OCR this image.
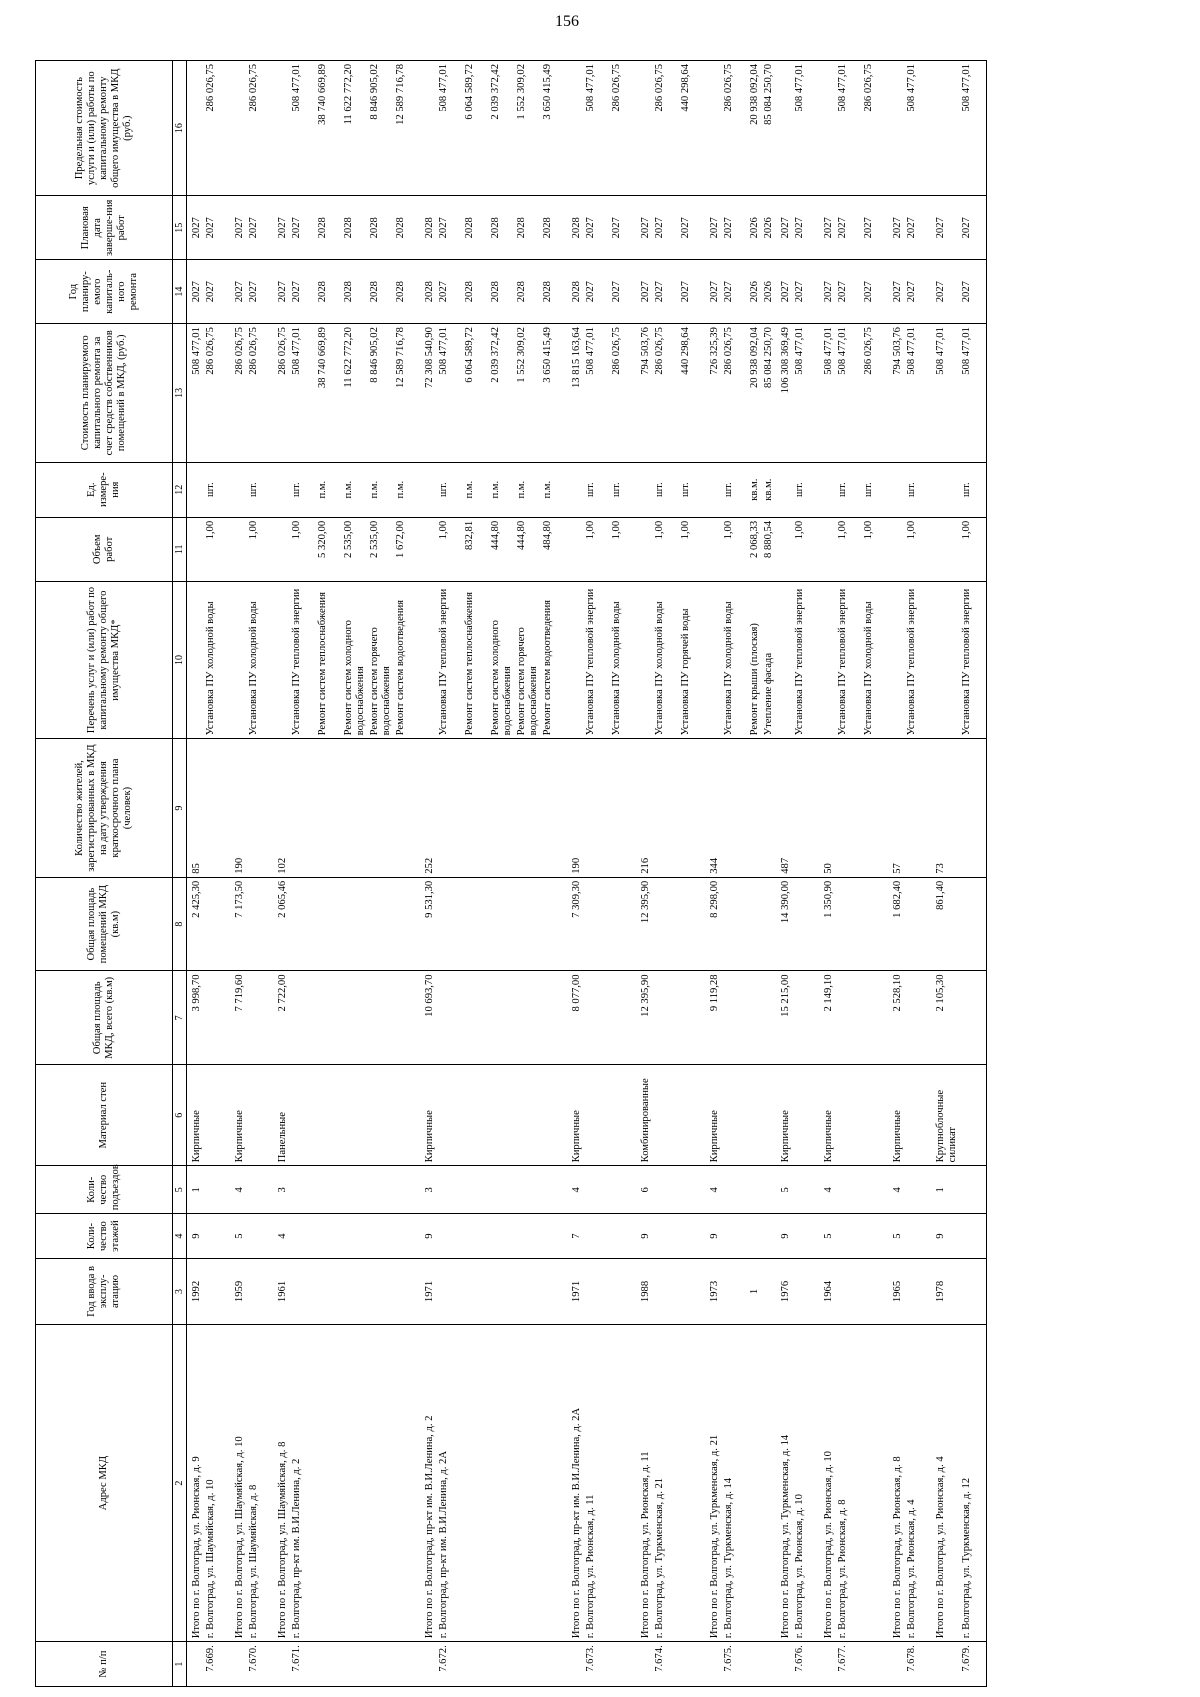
156
№ п/п	Адрес МКД	Год ввода в эксплу-атацию	Коли-чество этажей	Коли-чество подъездов	Материал стен	Общая площадь МКД, всего (кв.м)	Общая площадь помещений МКД (кв.м)	Количество жителей, зарегистрированных в МКД на дату утверждения краткосрочного плана (человек)	Перечень услуг и (или) работ по капитальному ремонту общего имущества МКД*	Объем работ	Ед. измере-ния	Стоимость планируемого капитального ремонта за счет средств собственников помещений в МКД, (руб.)	Год планиру-емого капиталь-ного ремонта	Плановая дата заверше-ния работ	Предельная стоимость услуги и (или) работы по капитальному ремонту общего имущества в МКД (руб.)
1	2	3	4	5	6	7	8	9	10	11	12	13	14	15	16

	Итого по г. Волгоград, ул. Рионская, д. 9	1992	9	1	Кирпичные	3 998,70	2 425,30	85				508 477,01	2027	2027	

7.669.	г. Волгоград, ул. Шаумяйская, д. 10								Установка ПУ холодной воды	1,00	шт.	286 026,75	2027	2027	286 026,75

	Итого по г. Волгоград, ул. Шаумяйская, д. 10	1959	5	4	Кирпичные	7 719,60	7 173,50	190				286 026,75	2027	2027	

7.670.	г. Волгоград, ул. Шаумяйская, д. 8								Установка ПУ холодной воды	1,00	шт.	286 026,75	2027	2027	286 026,75

	Итого по г. Волгоград, ул. Шаумяйская, д. 8	1961	4	3	Панельные	2 722,00	2 065,46	102				286 026,75	2027	2027	

7.671.	г. Волгоград, пр-кт им. В.И.Ленина, д. 2								Установка ПУ тепловой энергии	1,00	шт.	508 477,01	2027	2027	508 477,01

									Ремонт систем теплоснабжения	5 320,00	п.м.	38 740 669,89	2028	2028	38 740 669,89

									Ремонт систем холодного водоснабжения	2 535,00	п.м.	11 622 772,20	2028	2028	11 622 772,20

									Ремонт систем горячего водоснабжения	2 535,00	п.м.	8 846 905,02	2028	2028	8 846 905,02

									Ремонт систем водоотведения	1 672,00	п.м.	12 589 716,78	2028	2028	12 589 716,78

	Итого по г. Волгоград, пр-кт им. В.И.Ленина, д. 2	1971	9	3	Кирпичные	10 693,70	9 531,30	252				72 308 540,90	2028	2028	

7.672.	г. Волгоград, пр-кт им. В.И.Ленина, д. 2А								Установка ПУ тепловой энергии	1,00	шт.	508 477,01	2027	2027	508 477,01

									Ремонт систем теплоснабжения	832,81	п.м.	6 064 589,72	2028	2028	6 064 589,72

									Ремонт систем холодного водоснабжения	444,80	п.м.	2 039 372,42	2028	2028	2 039 372,42

									Ремонт систем горячего водоснабжения	444,80	п.м.	1 552 309,02	2028	2028	1 552 309,02

									Ремонт систем водоотведения	484,80	п.м.	3 650 415,49	2028	2028	3 650 415,49

	Итого по г. Волгоград, пр-кт им. В.И.Ленина, д. 2А	1971	7	4	Кирпичные	8 077,00	7 309,30	190				13 815 163,64	2028	2028	

7.673.	г. Волгоград, ул. Рионская, д. 11								Установка ПУ тепловой энергии	1,00	шт.	508 477,01	2027	2027	508 477,01

									Установка ПУ холодной воды	1,00	шт.	286 026,75	2027	2027	286 026,75

	Итого по г. Волгоград, ул. Рионская, д. 11	1988	9	6	Комбинированные	12 395,90	12 395,90	216				794 503,76	2027	2027	

7.674.	г. Волгоград, ул. Туркменская, д. 21								Установка ПУ холодной воды	1,00	шт.	286 026,75	2027	2027	286 026,75

									Установка ПУ горячей воды	1,00	шт.	440 298,64	2027	2027	440 298,64

	Итого по г. Волгоград, ул. Туркменская, д. 21	1973	9	4	Кирпичные	9 119,28	8 298,00	344				726 325,39	2027	2027	

7.675.	г. Волгоград, ул. Туркменская, д. 14								Установка ПУ холодной воды	1,00	шт.	286 026,75	2027	2027	286 026,75

		1							Ремонт крыши (плоская)	2 068,33	кв.м.	20 938 092,04	2026	2026	20 938 092,04

									Утепление фасада	8 880,54	кв.м.	85 084 250,70	2026	2026	85 084 250,70

	Итого по г. Волгоград, ул. Туркменская, д. 14	1976	9	5	Кирпичные	15 215,00	14 390,00	487				106 308 369,49	2027	2027	

7.676.	г. Волгоград, ул. Рионская, д. 10								Установка ПУ тепловой энергии	1,00	шт.	508 477,01	2027	2027	508 477,01

	Итого по г. Волгоград, ул. Рионская, д. 10	1964	5	4	Кирпичные	2 149,10	1 350,90	50				508 477,01	2027	2027	

7.677.	г. Волгоград, ул. Рионская, д. 8								Установка ПУ тепловой энергии	1,00	шт.	508 477,01	2027	2027	508 477,01

									Установка ПУ холодной воды	1,00	шт.	286 026,75	2027	2027	286 026,75

	Итого по г. Волгоград, ул. Рионская, д. 8	1965	5	4	Кирпичные	2 528,10	1 682,40	57				794 503,76	2027	2027	

7.678.	г. Волгоград, ул. Рионская, д. 4								Установка ПУ тепловой энергии	1,00	шт.	508 477,01	2027	2027	508 477,01

	Итого по г. Волгоград, ул. Рионская, д. 4	1978	9	1	Крупноблочные силикат	2 105,30	861,40	73				508 477,01	2027	2027	

7.679.	г. Волгоград, ул. Туркменская, д. 12								Установка ПУ тепловой энергии	1,00	шт.	508 477,01	2027	2027	508 477,01
